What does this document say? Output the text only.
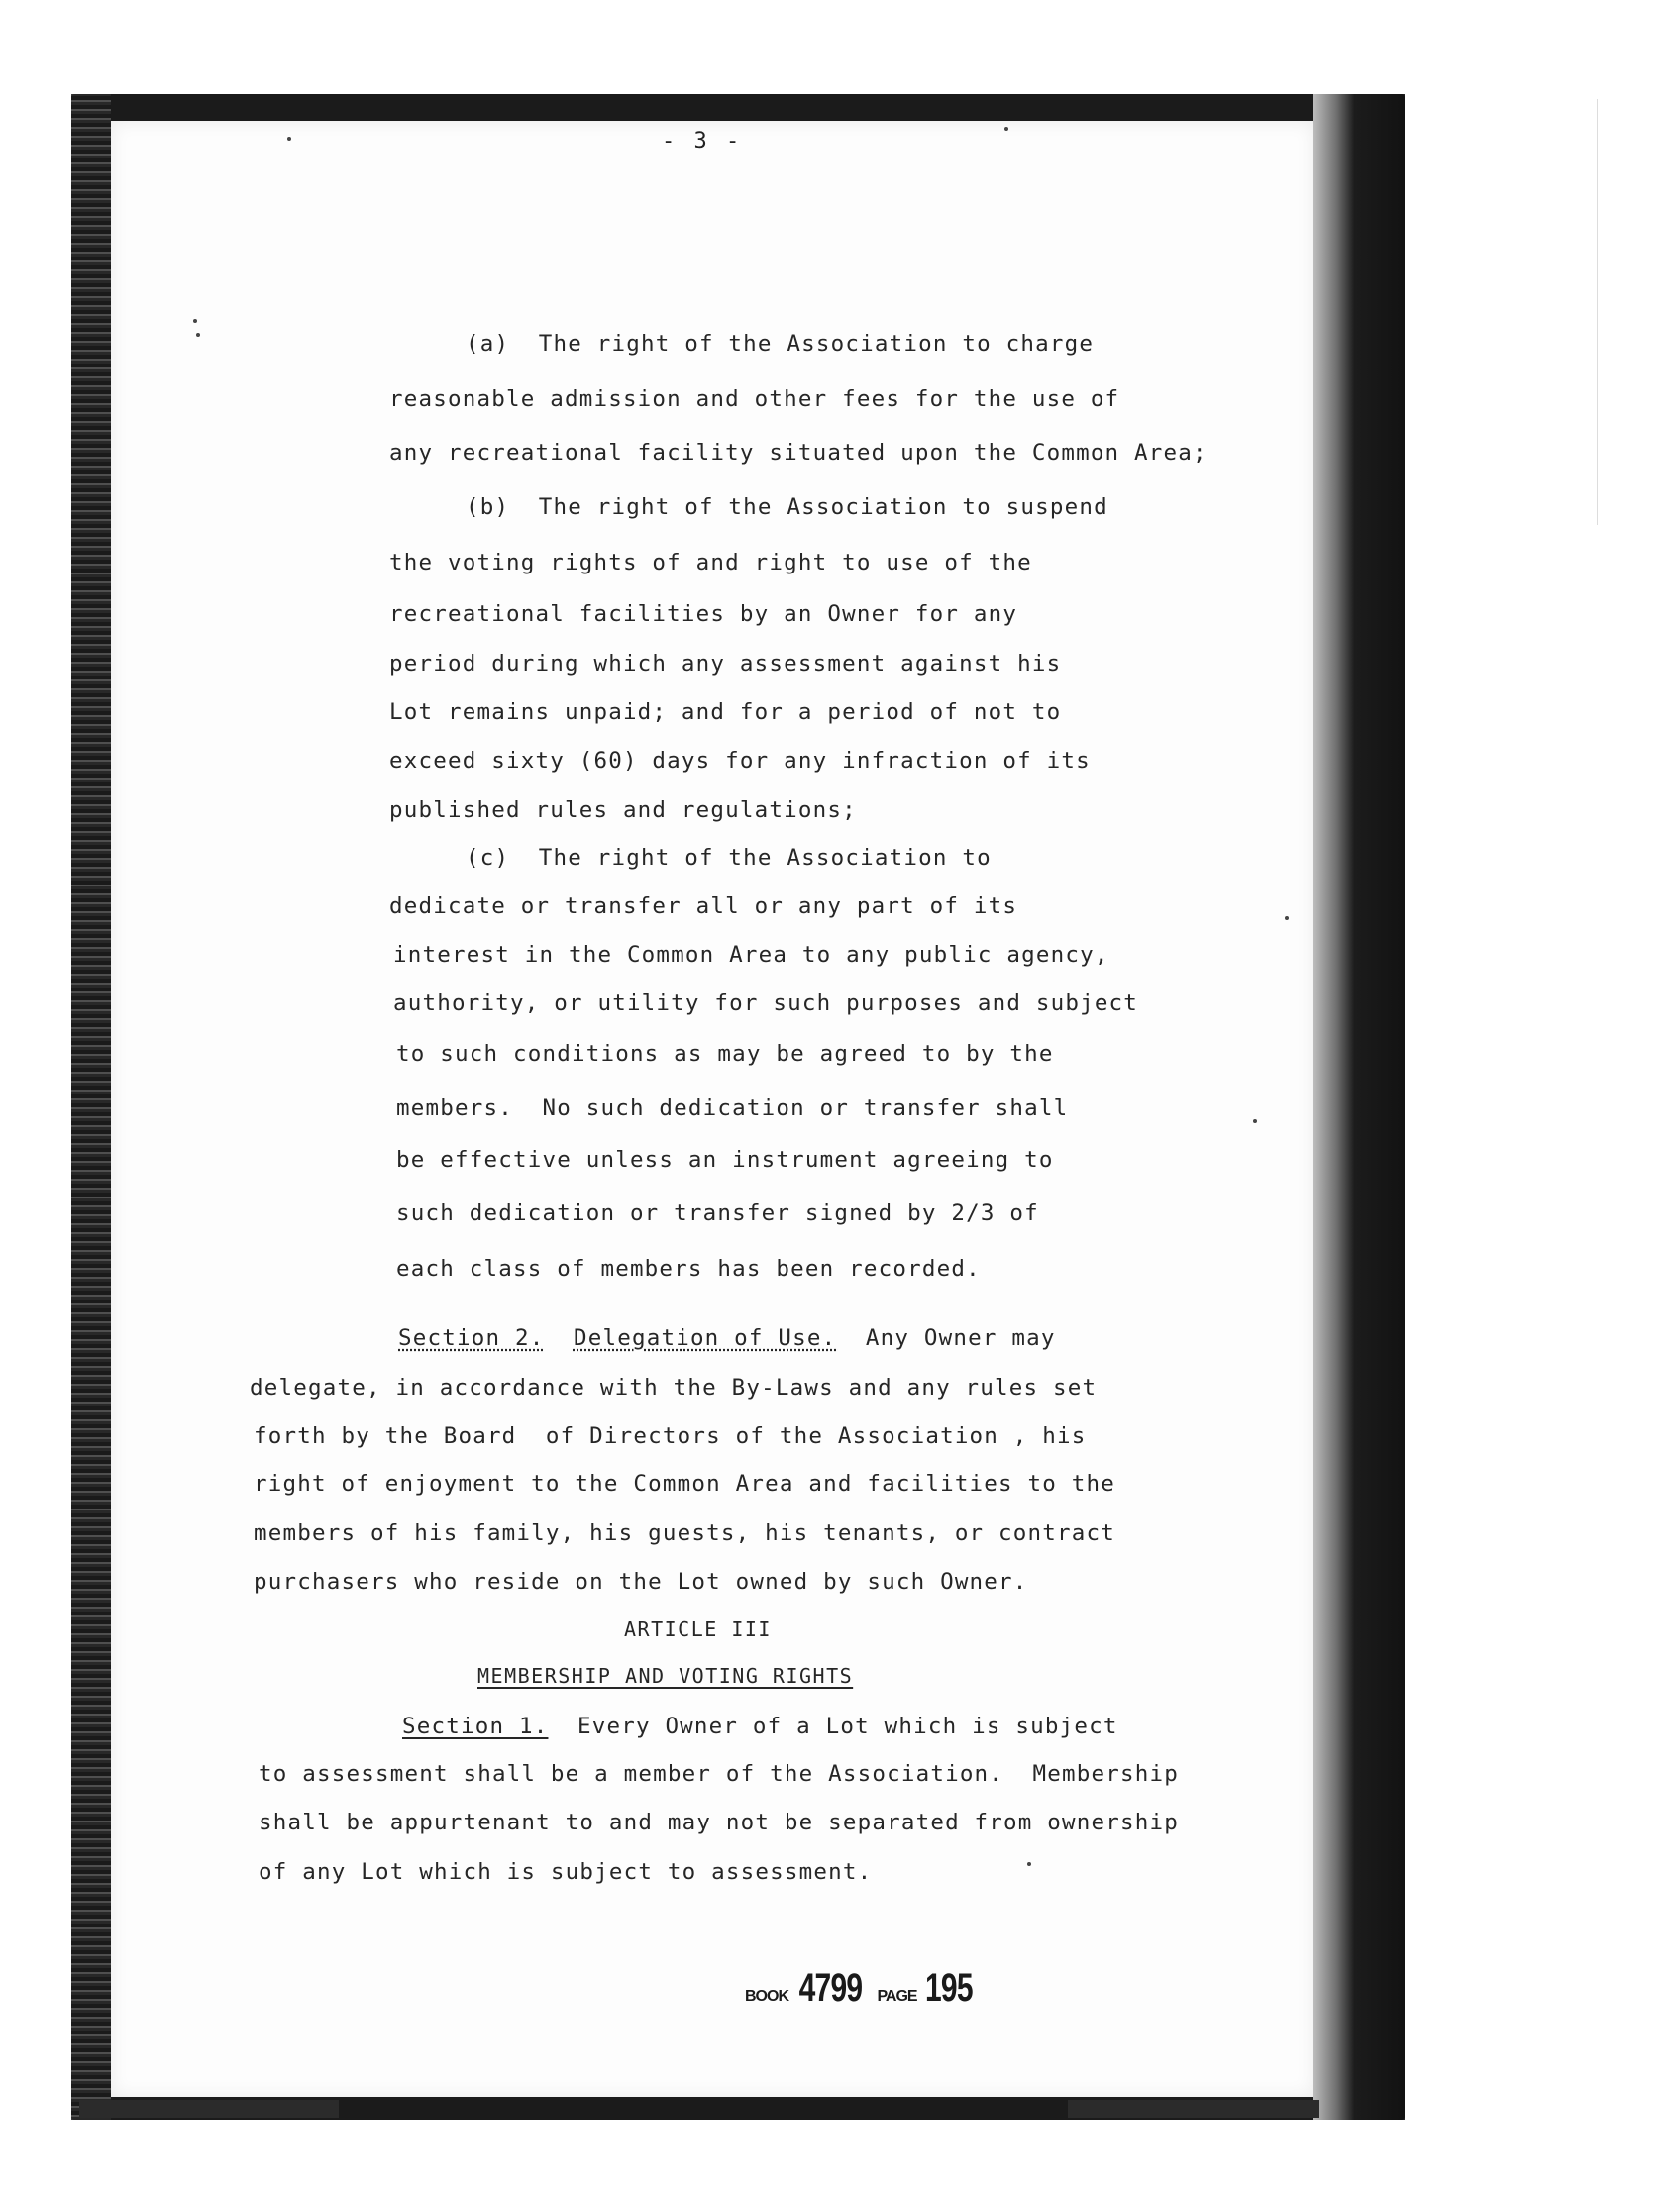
- 3 -
(a)  The right of the Association to charge
reasonable admission and other fees for the use of
any recreational facility situated upon the Common Area;
(b)  The right of the Association to suspend
the voting rights of and right to use of the
recreational facilities by an Owner for any
period during which any assessment against his
Lot remains unpaid; and for a period of not to
exceed sixty (60) days for any infraction of its
published rules and regulations;
(c)  The right of the Association to
dedicate or transfer all or any part of its
interest in the Common Area to any public agency,
authority, or utility for such purposes and subject
to such conditions as may be agreed to by the
members.  No such dedication or transfer shall
be effective unless an instrument agreeing to
such dedication or transfer signed by 2/3 of
each class of members has been recorded.
Section 2. Delegation of Use.  Any Owner may
delegate, in accordance with the By-Laws and any rules set
forth by the Board  of Directors of the Association , his
right of enjoyment to the Common Area and facilities to the
members of his family, his guests, his tenants, or contract
purchasers who reside on the Lot owned by such Owner.
ARTICLE III
MEMBERSHIP AND VOTING RIGHTS
Section 1.  Every Owner of a Lot which is subject
to assessment shall be a member of the Association.  Membership
shall be appurtenant to and may not be separated from ownership
of any Lot which is subject to assessment.
BOOK 4799 PAGE 195
